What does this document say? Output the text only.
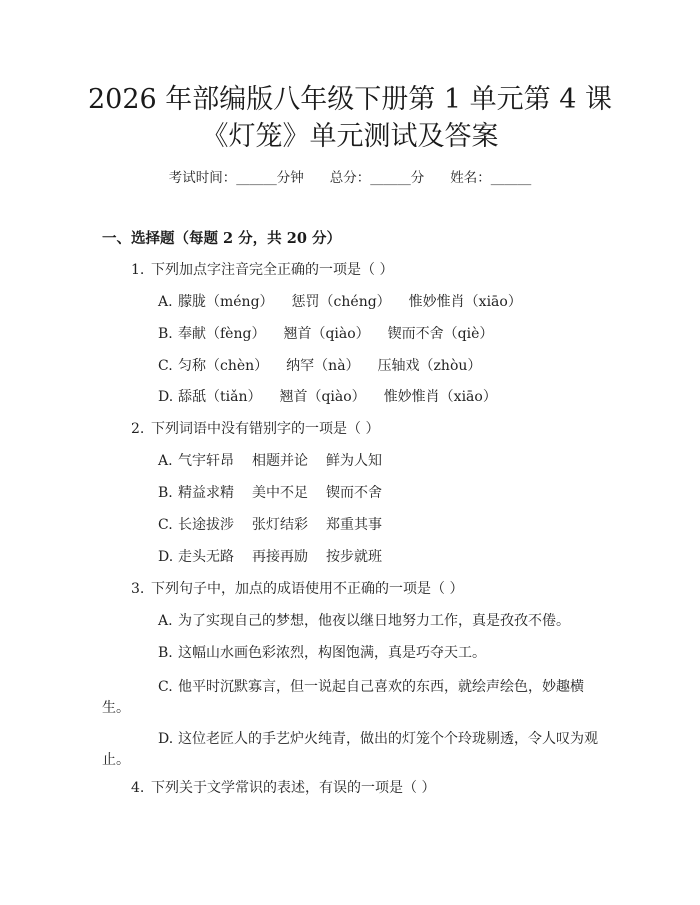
2026 年部编版八年级下册第 1 单元第 4 课
《灯笼》单元测试及答案
考试时间：______分钟 总分：______分 姓名：______
一、选择题（每题 2 分，共 20 分）
1. 下列加点字注音完全正确的一项是（ ）
A. 朦胧（méng） 惩罚（chéng） 惟妙惟肖（xiāo）
B. 奉献（fèng） 翘首（qiào） 锲而不舍（qiè）
C. 匀称（chèn） 纳罕（nà） 压轴戏（zhòu）
D. 舔舐（tiǎn） 翘首（qiào） 惟妙惟肖（xiāo）
2. 下列词语中没有错别字的一项是（ ）
A. 气宇轩昂 相题并论 鲜为人知
B. 精益求精 美中不足 锲而不舍
C. 长途拔涉 张灯结彩 郑重其事
D. 走头无路 再接再励 按步就班
3. 下列句子中，加点的成语使用不正确的一项是（ ）
A. 为了实现自己的梦想，他夜以继日地努力工作，真是孜孜不倦。
B. 这幅山水画色彩浓烈，构图饱满，真是巧夺天工。
C. 他平时沉默寡言，但一说起自己喜欢的东西，就绘声绘色，妙趣横
生。
D. 这位老匠人的手艺炉火纯青，做出的灯笼个个玲珑剔透，令人叹为观
止。
4. 下列关于文学常识的表述，有误的一项是（ ）
